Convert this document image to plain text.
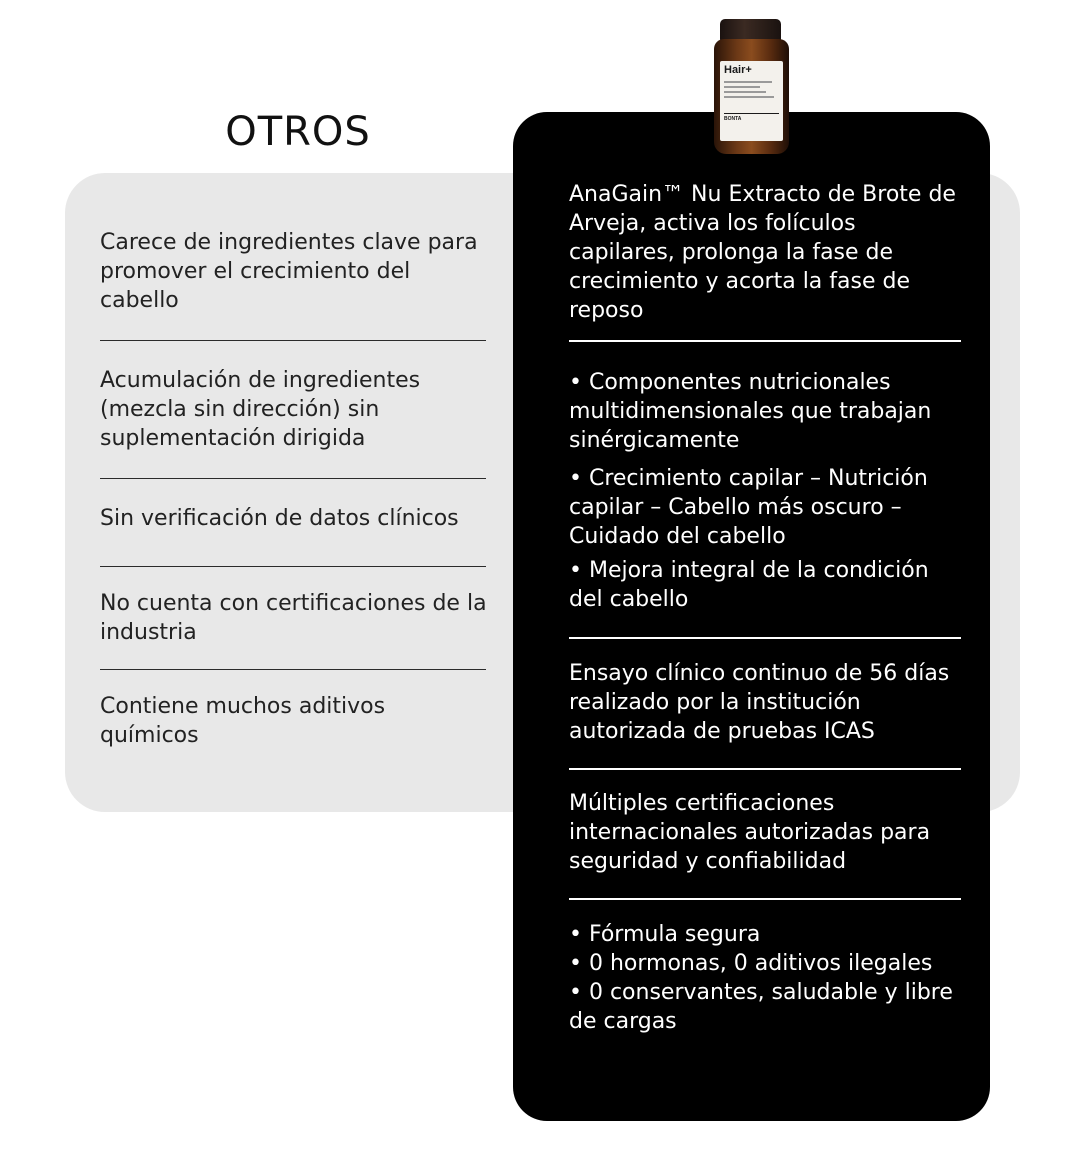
OTROS
Carece de ingredientes clave para promover el crecimiento del cabello
Acumulación de ingredientes (mezcla sin dirección) sin suplementación dirigida
Sin verificación de datos clínicos
No cuenta con certificaciones de la industria
Contiene muchos aditivos químicos
Hair+
BONTA
AnaGain™ Nu Extracto de Brote de Arveja, activa los folículos capilares, prolonga la fase de crecimiento y acorta la fase de reposo

• Componentes nutricionales multidimensionales que trabajan sinérgicamente

• Crecimiento capilar – Nutrición capilar – Cabello más oscuro – Cuidado del cabello

• Mejora integral de la condición del cabello

Ensayo clínico continuo de 56 días realizado por la institución autorizada de pruebas ICAS
Múltiples certificaciones internacionales autorizadas para seguridad y confiabilidad

• Fórmula segura

• 0 hormonas, 0 aditivos ilegales

• 0 conservantes, saludable y libre de cargas
